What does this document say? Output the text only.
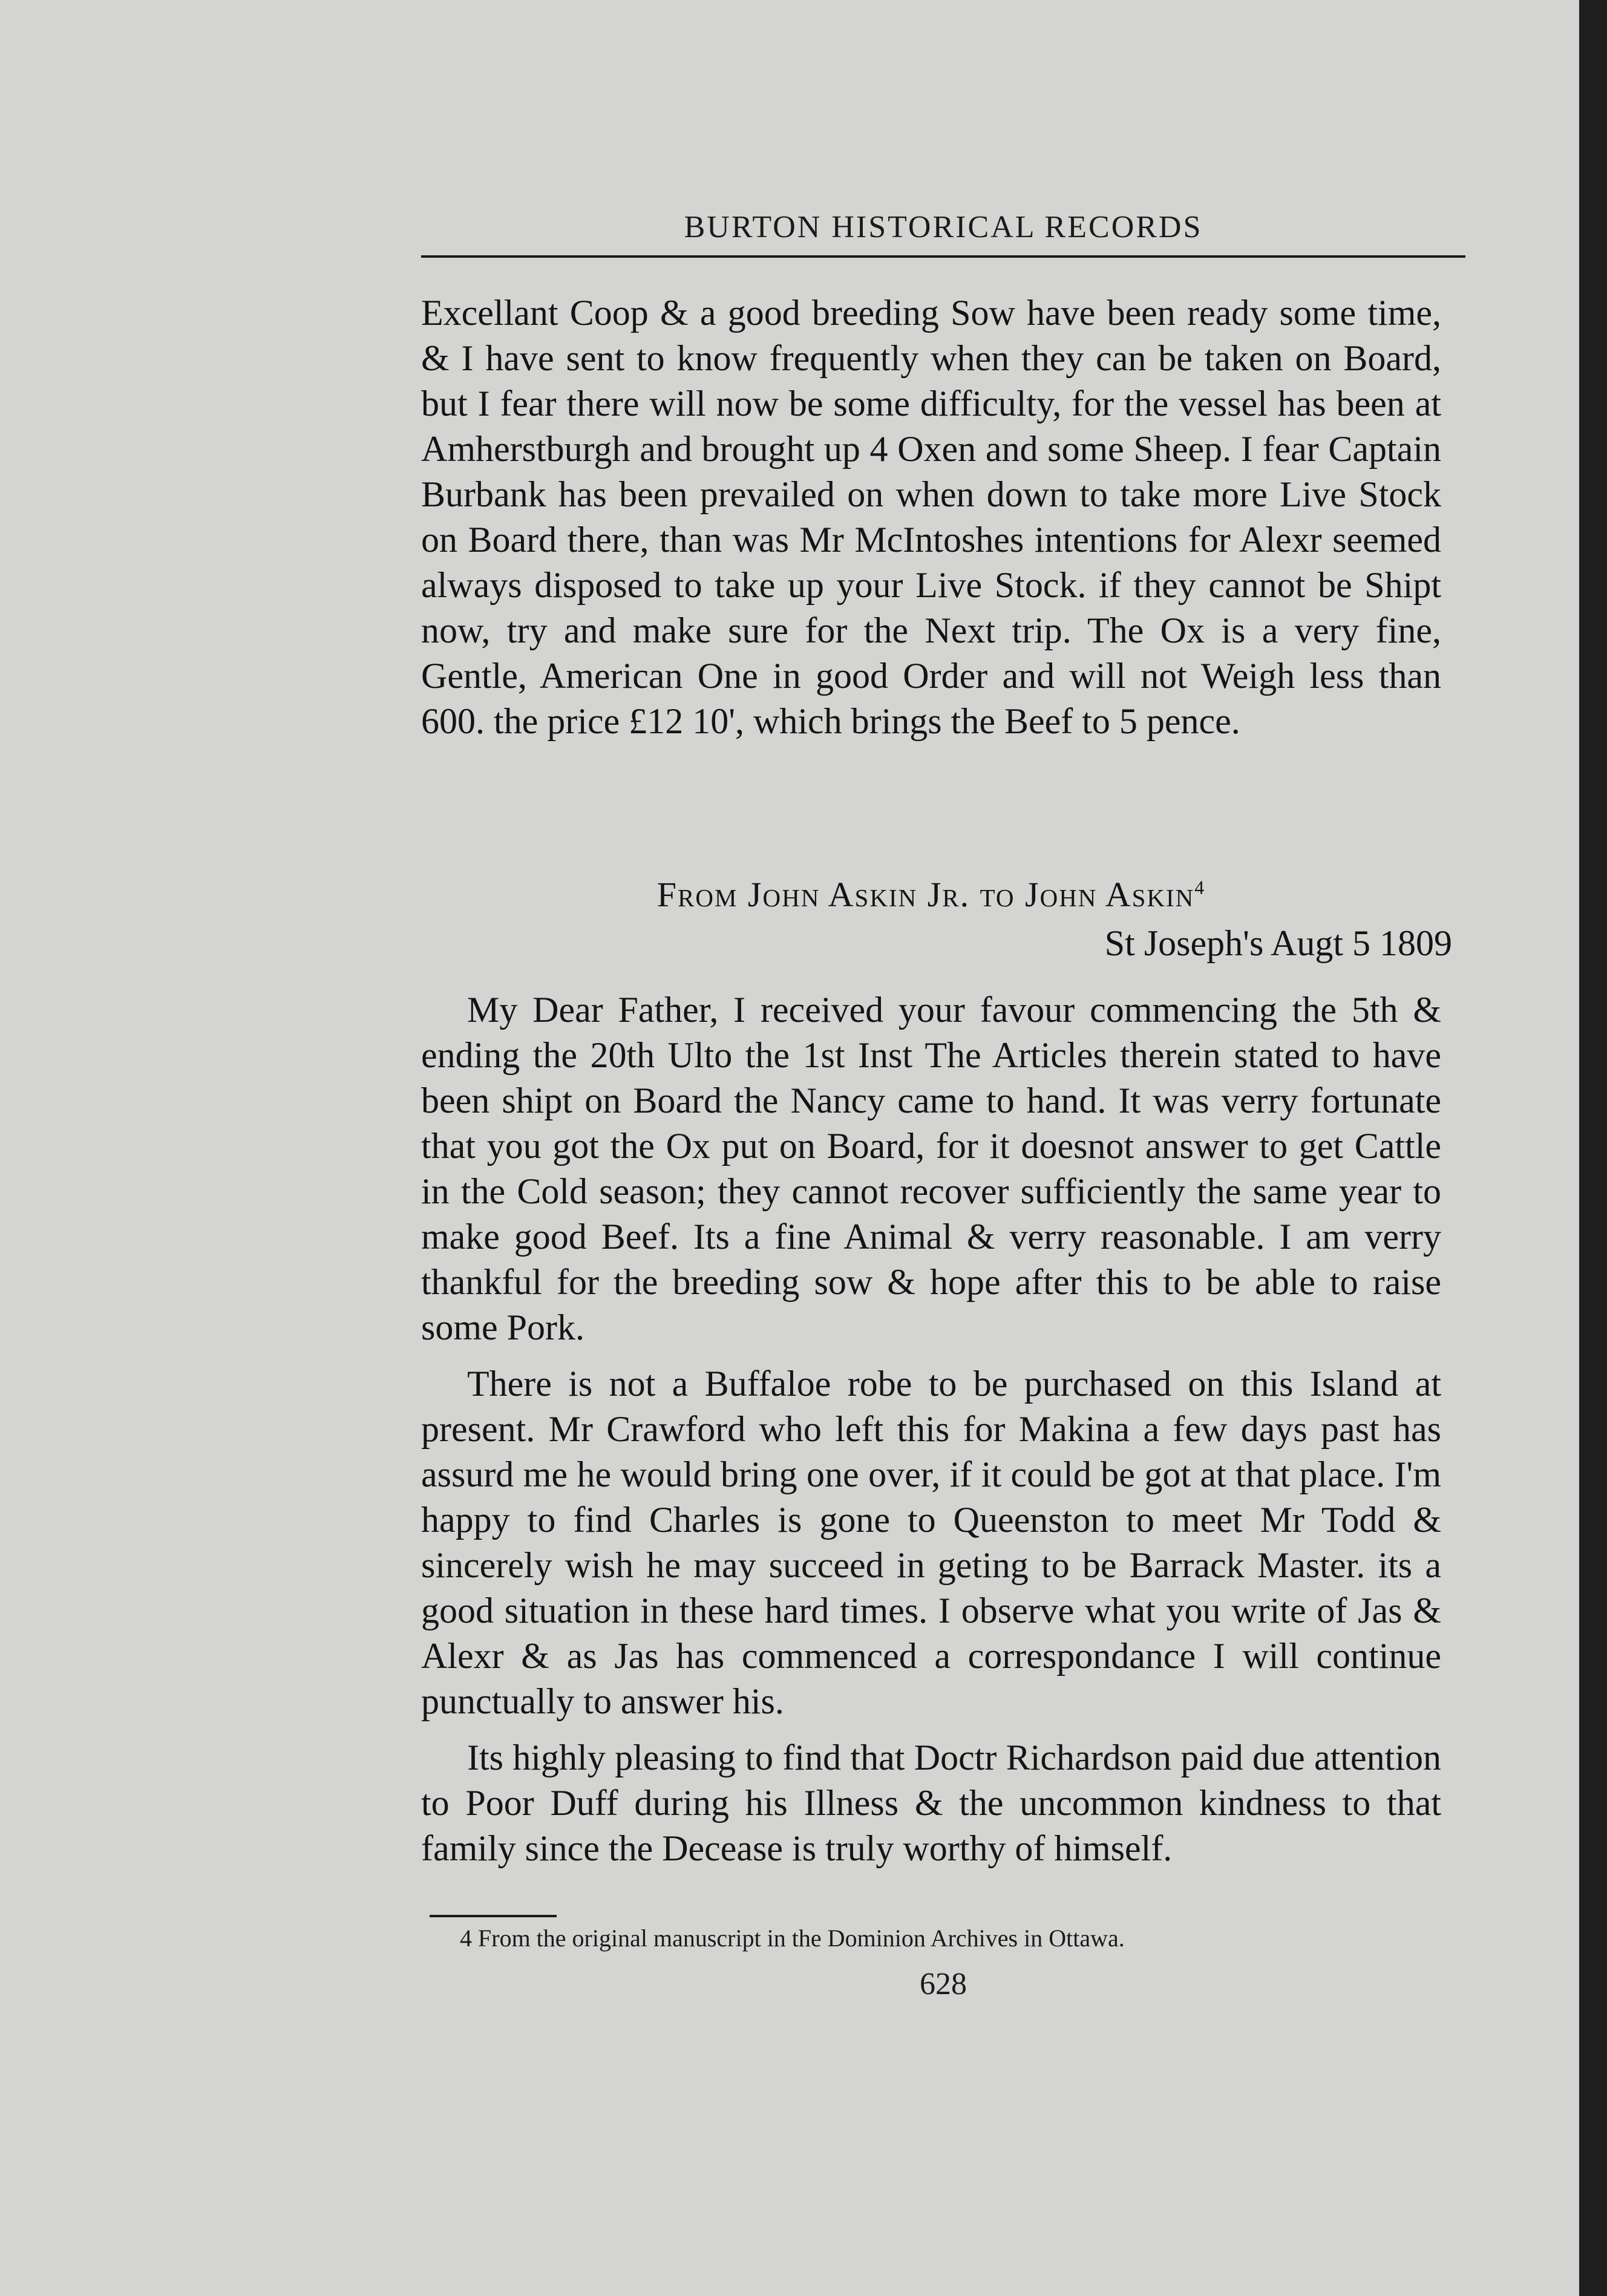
BURTON HISTORICAL RECORDS

Excellant Coop & a good breeding Sow have been ready some time, & I have sent to know frequently when they can be taken on Board, but I fear there will now be some difficulty, for the vessel has been at Amherstburgh and brought up 4 Oxen and some Sheep. I fear Captain Burbank has been prevailed on when down to take more Live Stock on Board there, than was Mr McIntoshes intentions for Alexr seemed always disposed to take up your Live Stock. if they cannot be Shipt now, try and make sure for the Next trip. The Ox is a very fine, Gentle, American One in good Order and will not Weigh less than 600. the price £12 10', which brings the Beef to 5 pence.

From John Askin Jr. to John Askin$^4$
St Joseph's Augt 5 1809

My Dear Father, I received your favour commencing the 5th & ending the 20th Ulto the 1st Inst The Articles therein stated to have been shipt on Board the Nancy came to hand. It was verry fortunate that you got the Ox put on Board, for it doesnot answer to get Cattle in the Cold season; they cannot recover sufficiently the same year to make good Beef. Its a fine Animal & verry reasonable. I am verry thankful for the breeding sow & hope after this to be able to raise some Pork.

There is not a Buffaloe robe to be purchased on this Island at present. Mr Crawford who left this for Makina a few days past has assurd me he would bring one over, if it could be got at that place. I'm happy to find Charles is gone to Queenston to meet Mr Todd & sincerely wish he may succeed in geting to be Barrack Master. its a good situation in these hard times. I observe what you write of Jas & Alexr & as Jas has commenced a correspondance I will continue punctually to answer his.

Its highly pleasing to find that Doctr Richardson paid due attention to Poor Duff during his Illness & the uncommon kindness to that family since the Decease is truly worthy of himself.

4 From the original manuscript in the Dominion Archives in Ottawa.
628
